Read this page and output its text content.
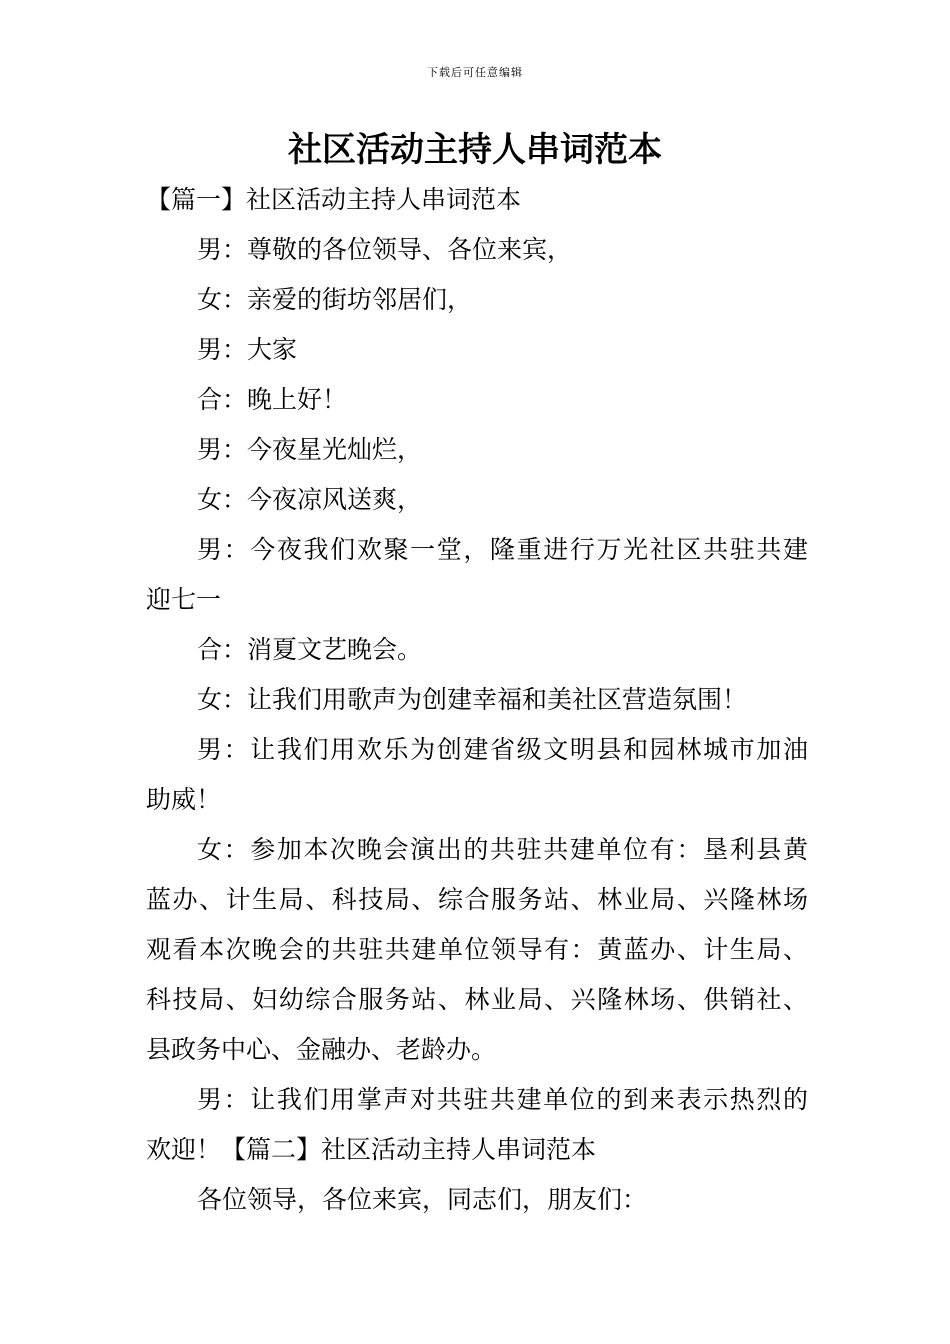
下载后可任意编辑
社区活动主持人串词范本
【篇一】社区活动主持人串词范本
男：尊敬的各位领导、各位来宾，
女：亲爱的街坊邻居们，
男：大家
合：晚上好！
男：今夜星光灿烂，
女：今夜凉风送爽，
男：今夜我们欢聚一堂，隆重进行万光社区共驻共建
迎七一
合：消夏文艺晚会。
女：让我们用歌声为创建幸福和美社区营造氛围！
男：让我们用欢乐为创建省级文明县和园林城市加油
助威！
女：参加本次晚会演出的共驻共建单位有：垦利县黄
蓝办、计生局、科技局、综合服务站、林业局、兴隆林场
观看本次晚会的共驻共建单位领导有：黄蓝办、计生局、
科技局、妇幼综合服务站、林业局、兴隆林场、供销社、
县政务中心、金融办、老龄办。
男：让我们用掌声对共驻共建单位的到来表示热烈的
欢迎！【篇二】社区活动主持人串词范本
各位领导，各位来宾，同志们，朋友们：
